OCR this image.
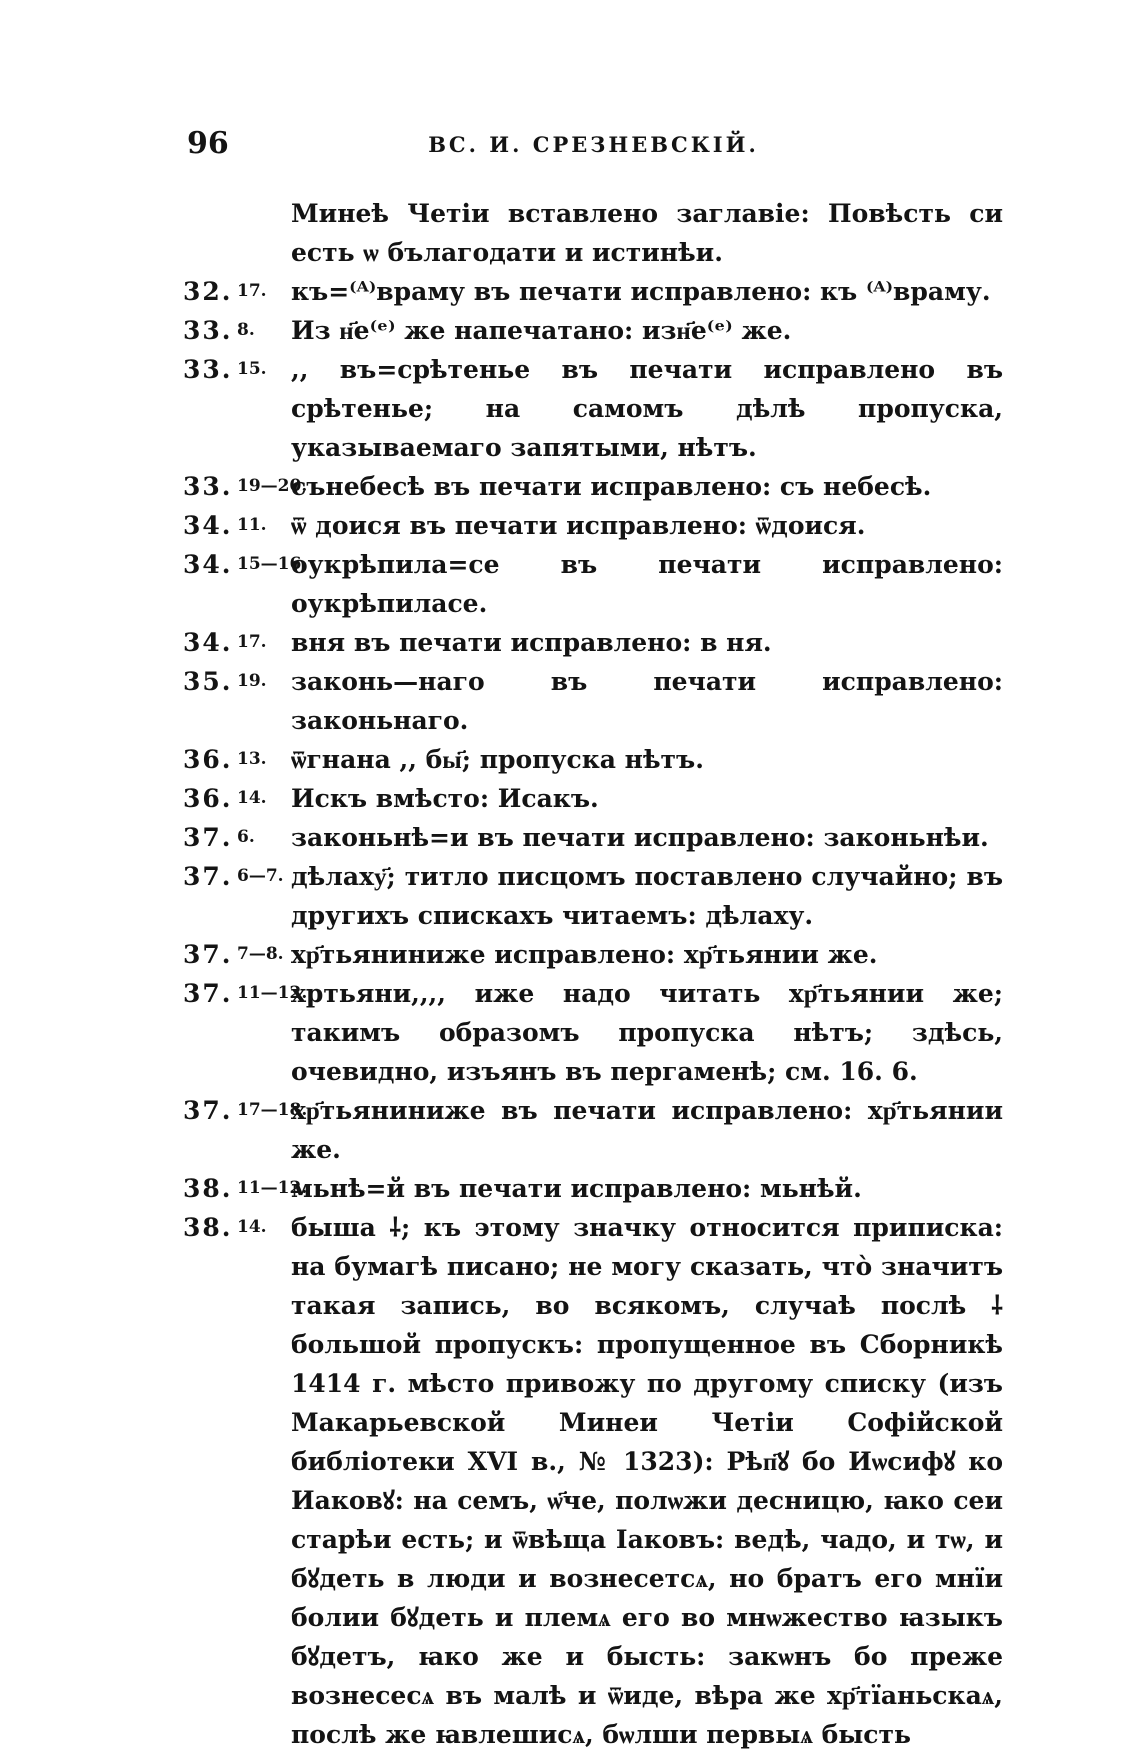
96	ВС. И. СРЕЗНЕВСКІЙ.
Минеѣ Четіи вставлено заглавіе: Повѣсть си есть ѡ бълагодати и истинѣи.
32. 17. къ=⁽ᴬ⁾враму въ печати исправлено: къ ⁽ᴬ⁾враму.
33. 8. Из н҃е⁽ᵉ⁾ же напечатано: изн҃е⁽ᵉ⁾ же.
33. 15. ,, въ=срѣтенье въ печати исправлено въ срѣтенье; на самомъ дѣлѣ пропуска, указываемаго запятыми, нѣтъ.
33. 19—20.
сънебесѣ въ печати исправлено: съ небесѣ.
34. 11. ѿ доися въ печати исправлено: ѿдоися.
34. 15—16.
оукрѣпила=се въ печати исправлено: оукрѣпиласе.
34. 17. вня въ печати исправлено: в ня.
35. 19. законь—наго въ печати исправлено: законьнаго.
36. 13. ѿгнана ,, бы҃; пропуска нѣтъ.
36. 14. Искъ вмѣсто: Исакъ.
37. 6. законьнѣ=и въ печати исправлено: законьнѣи.
37. 6—7. дѣлаху҃; титло писцомъ поставлено случайно; въ другихъ спискахъ читаемъ: дѣлаху.
37. 7—8. хр҃тьяниниже исправлено: хр҃тьянии же.
37. 11—12.
хртьяни,,,, иже надо читать хр҃тьянии же; такимъ образомъ пропуска нѣтъ; здѣсь, очевидно, изъянъ въ пергаменѣ; см. 16. 6.
37. 17—18.
хр҃тьяниниже въ печати исправлено: хр҃тьянии же.
38. 11—12.
мьнѣ=й въ печати исправлено: мьнѣй.
38. 14. быша ⸸; къ этому значку относится приписка: на бумагѣ писано; не могу сказать, что̀ значитъ такая запись, во всякомъ, случаѣ послѣ ⸸ большой пропускъ: пропущенное въ Сборникѣ 1414 г. мѣсто привожу по другому списку (изъ Макарьевской Минеи Четіи Софійской библіотеки XVI в., № 1323): Рѣп҃ꙋ бо Иѡсифꙋ ко Иаковꙋ: на семъ, ѡ҃че, полѡжи десницю, ꙗко сеи старѣи есть; и ѿвѣща Іаковъ: ведѣ, чадо, и тѡ, и бꙋдеть в люди и вознесетсѧ, но братъ его мнїи болии бꙋдеть и племѧ его во мнѡжество ꙗзыкъ бꙋдетъ, ꙗко же и бысть: закѡнъ бо преже вознесесѧ въ малѣ и ѿиде, вѣра же хр҃тїаньскаѧ, послѣ же ꙗвлешисѧ, бѡлши первыѧ бысть
